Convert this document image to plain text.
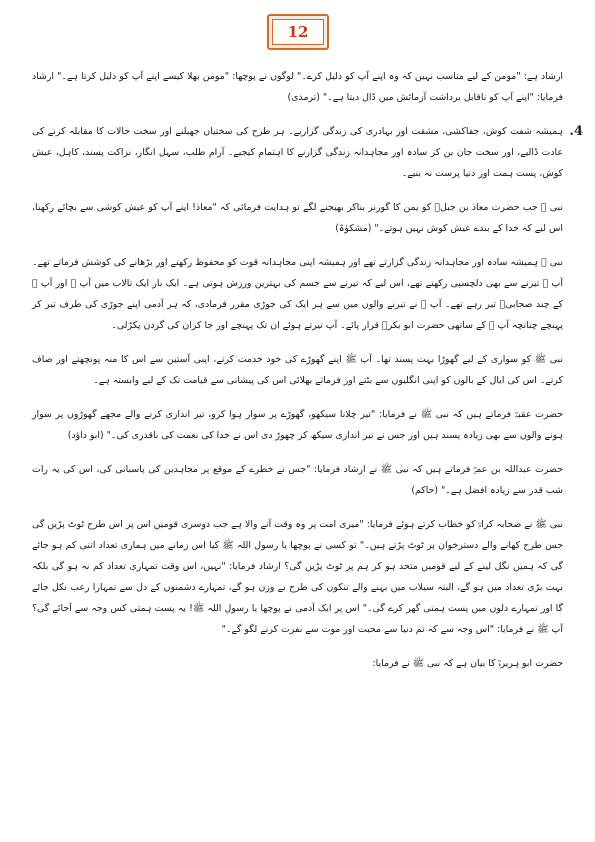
12

ارشاد ہے: "مومن کے لیے مناسب نہیں کہ وہ اپنے آپ کو ذلیل کرے۔" لوگوں نے پوچھا: "مومن بھلا کیسے اپنے آپ کو ذلیل کرتا ہے۔" ارشاد فرمایا: "اپنے آپ کو ناقابل برداشت آزمائش میں ڈال دیتا ہے۔" (ترمذی)

4.
ہمیشہ شفت کوش، جفاکشی، مشقت اور بہادری کی زندگی گزاریے۔ ہر طرح کی سختیاں جھیلنے اور سخت حالات کا مقابلہ کرنے کی عادت ڈالیے، اور سخت جان بن کر سادہ اور مجاہدانہ زندگی گزارنے کا اہتمام کیجیے۔ آرام طلب، سہل انگار، نزاکت پسند، کاہل، عیش کوش، پست ہمت اور دنیا پرست نہ بنیے۔

نبی ﷺ جب حضرت معاذ بن جبلؓ کو یمن کا گورنر بناکر بھیجنے لگے تو ہدایت فرمائی کہ "معاذ! اپنے آپ کو عیش کوشی سے بچائے رکھنا، اس لیے کہ خدا کے بندے عیش کوش نہیں ہوتے۔" (مشکوٰۃ)

نبی ﷺ ہمیشہ سادہ اور مجاہدانہ زندگی گزارتے تھے اور ہمیشہ اپنی مجاہدانہ قوت کو محفوظ رکھنے اور بڑھانے کی کوشش فرماتے تھے۔ آپ ﷺ تیرنے سے بھی دلچسپی رکھتے تھے، اس لیے کہ تیرنے سے جسم کی بہترین ورزش ہوتی ہے۔ ایک بار ایک تالاب میں آپ ﷺ اور آپ ﷺ کے چند صحابیؓ تیر رہے تھے۔ آپ ﷺ نے تیرنے والوں میں سے ہر ایک کی جوڑی مقرر فرمادی، کہ ہر آدمی اپنے جوڑی کی طرف تیر کر پہنچے چنانچہ آپ ﷺ کے ساتھی حضرت ابو بکرؓ قرار پائے۔ آپ تیرتے ہوئے ان تک پہنچے اور جا کران کی گردن پکڑلی۔

نبی ﷺ کو سواری کے لیے گھوڑا بہت پسند تھا۔ آپ ﷺ اپنے گھوڑے کی خود خدمت کرتے، اپنی آستین سے اس کا منہ پونچھتے اور صاف کرتے۔ اس کی ایال کے بالوں کو اپنی انگلیوں سے بٹتے اور فرماتے بھلائی اس کی پیشانی سے قیامت تک کے لیے وابستہ ہے۔

حضرت عقبہؓ فرماتے ہیں کہ نبی ﷺ نے فرمایا: "تیر چلانا سیکھو، گھوڑے پر سوار ہوا کرو، تیر اندازی کرنے والے مجھے گھوڑوں پر سوار ہونے والوں سے بھی زیادہ پسند ہیں اور جس نے تیر اندازی سیکھ کر چھوڑ دی اس نے خدا کی نعمت کی ناقدری کی۔" (ابو داؤد)

حضرت عبداللہ بن عمرؓ فرماتے ہیں کہ نبی ﷺ نے ارشاد فرمایا: "جس نے خطرے کے موقع پر مجاہدین کی پاسبانی کی، اس کی یہ رات شب قدر سے زیادہ افضل ہے۔" (حاکم)

نبی ﷺ نے صحابہ کرامؓ کو خطاب کرتے ہوئے فرمایا: "میری امت پر وہ وقت آنے والا ہے جب دوسری قومیں اس پر اس طرح ٹوٹ پڑیں گی جس طرح کھانے والے دسترخوان پر ٹوٹ پڑتے ہیں۔" تو کسی نے پوچھا یا رسول اللہ ﷺ کیا اس زمانے میں ہماری تعداد اتنی کم ہو جائے گی کہ ہمیں نگل لینے کے لیے قومیں متحد ہو کر ہم پر ٹوٹ پڑیں گی؟ ارشاد فرمایا: "نہیں، اس وقت تمہاری تعداد کم نہ ہو گی بلکہ بہت بڑی تعداد میں ہو گے، البتہ سیلاب میں بہنے والے تنکوں کی طرح بے وزن ہو گے، تمہارے دشمنوں کے دل سے تمہارا رعب نکل جائے گا اور تمہارے دلوں میں پست ہمتی گھر کرے گی۔" اس پر ایک آدمی نے پوچھا یا رسول اللہ ﷺ! یہ پست ہمتی کس وجہ سے آجائے گی؟ آپ ﷺ نے فرمایا: "اس وجہ سے کہ تم دنیا سے محبت اور موت سے نفرت کرنے لگو گے۔"

حضرت ابو ہریرہؓ کا بیان ہے کہ نبی ﷺ نے فرمایا:
